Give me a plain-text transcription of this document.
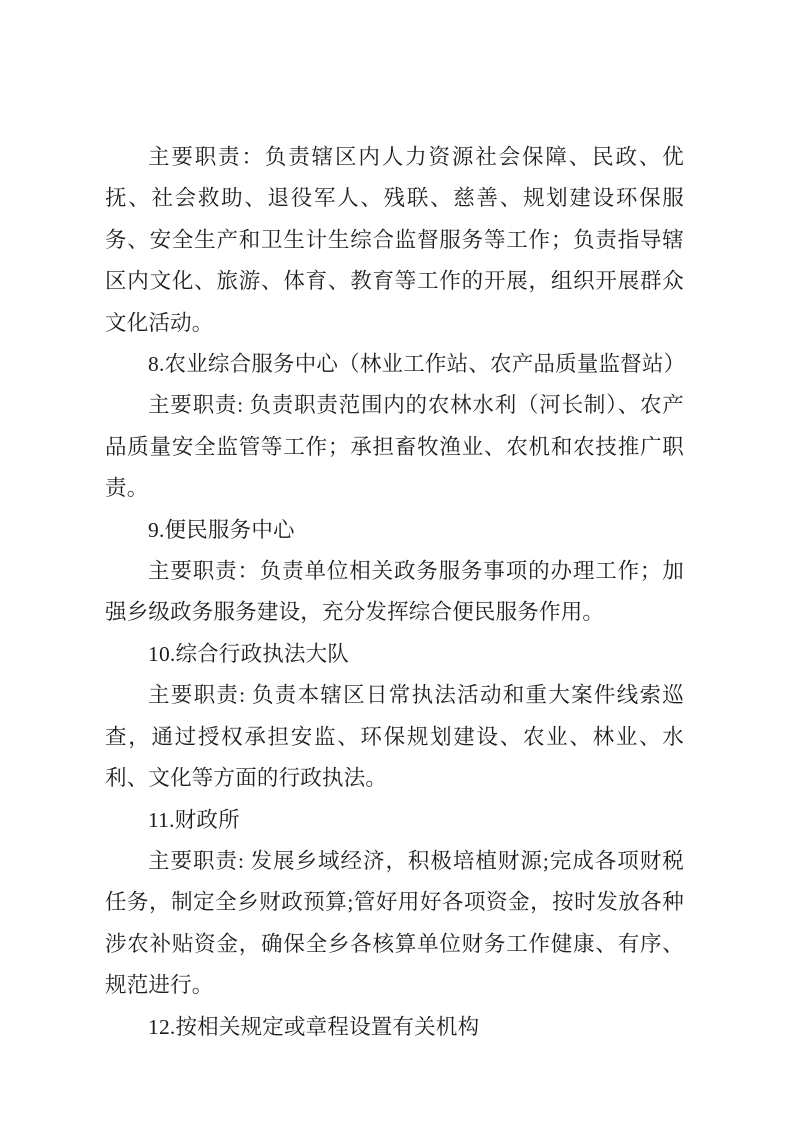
主要职责：负责辖区内人力资源社会保障、民政、优抚、社会救助、退役军人、残联、慈善、规划建设环保服务、安全生产和卫生计生综合监督服务等工作；负责指导辖区内文化、旅游、体育、教育等工作的开展，组织开展群众文化活动。

8.农业综合服务中心（林业工作站、农产品质量监督站）

主要职责: 负责职责范围内的农林水利（河长制）、农产品质量安全监管等工作；承担畜牧渔业、农机和农技推广职责。

9.便民服务中心

主要职责：负责单位相关政务服务事项的办理工作；加强乡级政务服务建设，充分发挥综合便民服务作用。

10.综合行政执法大队

主要职责: 负责本辖区日常执法活动和重大案件线索巡查，通过授权承担安监、环保规划建设、农业、林业、水利、文化等方面的行政执法。

11.财政所

主要职责: 发展乡域经济，积极培植财源;完成各项财税任务，制定全乡财政预算;管好用好各项资金，按时发放各种涉农补贴资金，确保全乡各核算单位财务工作健康、有序、规范进行。

12.按相关规定或章程设置有关机构
